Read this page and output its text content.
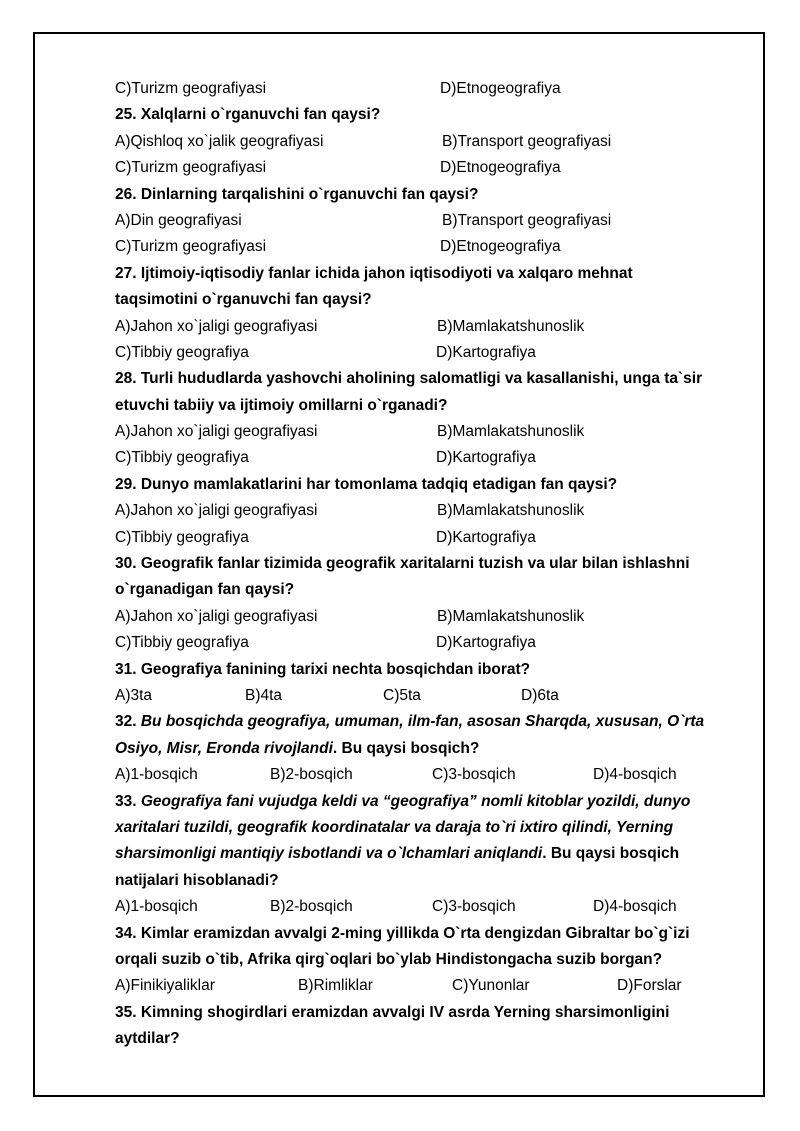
C)Turizm geografiyasi	D)Etnogeografiya
25. Xalqlarni o`rganuvchi fan qaysi?
A)Qishloq xo`jalik geografiyasi	B)Transport geografiyasi
C)Turizm geografiyasi	D)Etnogeografiya
26. Dinlarning tarqalishini o`rganuvchi fan qaysi?
A)Din geografiyasi	B)Transport geografiyasi
C)Turizm geografiyasi	D)Etnogeografiya
27. Ijtimoiy-iqtisodiy fanlar ichida jahon iqtisodiyoti va xalqaro mehnat
taqsimotini o`rganuvchi fan qaysi?
A)Jahon xo`jaligi geografiyasi	B)Mamlakatshunoslik
C)Tibbiy geografiya	D)Kartografiya
28. Turli hududlarda yashovchi aholining salomatligi va kasallanishi, unga ta`sir
etuvchi tabiiy va ijtimoiy omillarni o`rganadi?
A)Jahon xo`jaligi geografiyasi	B)Mamlakatshunoslik
C)Tibbiy geografiya	D)Kartografiya
29. Dunyo mamlakatlarini har tomonlama tadqiq etadigan fan qaysi?
A)Jahon xo`jaligi geografiyasi	B)Mamlakatshunoslik
C)Tibbiy geografiya	D)Kartografiya
30. Geografik fanlar tizimida geografik xaritalarni tuzish va ular bilan ishlashni
o`rganadigan fan qaysi?
A)Jahon xo`jaligi geografiyasi	B)Mamlakatshunoslik
C)Tibbiy geografiya	D)Kartografiya
31. Geografiya fanining tarixi nechta bosqichdan iborat?
A)3ta	B)4ta	C)5ta	D)6ta
32. Bu bosqichda geografiya, umuman, ilm-fan, asosan Sharqda, xususan, O`rta
Osiyo, Misr, Eronda rivojlandi. Bu qaysi bosqich?
A)1-bosqich	B)2-bosqich	C)3-bosqich	D)4-bosqich
33. Geografiya fani vujudga keldi va “geografiya” nomli kitoblar yozildi, dunyo
xaritalari tuzildi, geografik koordinatalar va daraja to`ri ixtiro qilindi, Yerning
sharsimonligi mantiqiy isbotlandi va o`lchamlari aniqlandi. Bu qaysi bosqich
natijalari hisoblanadi?
A)1-bosqich	B)2-bosqich	C)3-bosqich	D)4-bosqich
34. Kimlar eramizdan avvalgi 2-ming yillikda O`rta dengizdan Gibraltar bo`g`izi
orqali suzib o`tib, Afrika qirg`oqlari bo`ylab Hindistongacha suzib borgan?
A)Finikiyaliklar	B)Rimliklar	C)Yunonlar	D)Forslar
35. Kimning shogirdlari eramizdan avvalgi IV asrda Yerning sharsimonligini
aytdilar?
